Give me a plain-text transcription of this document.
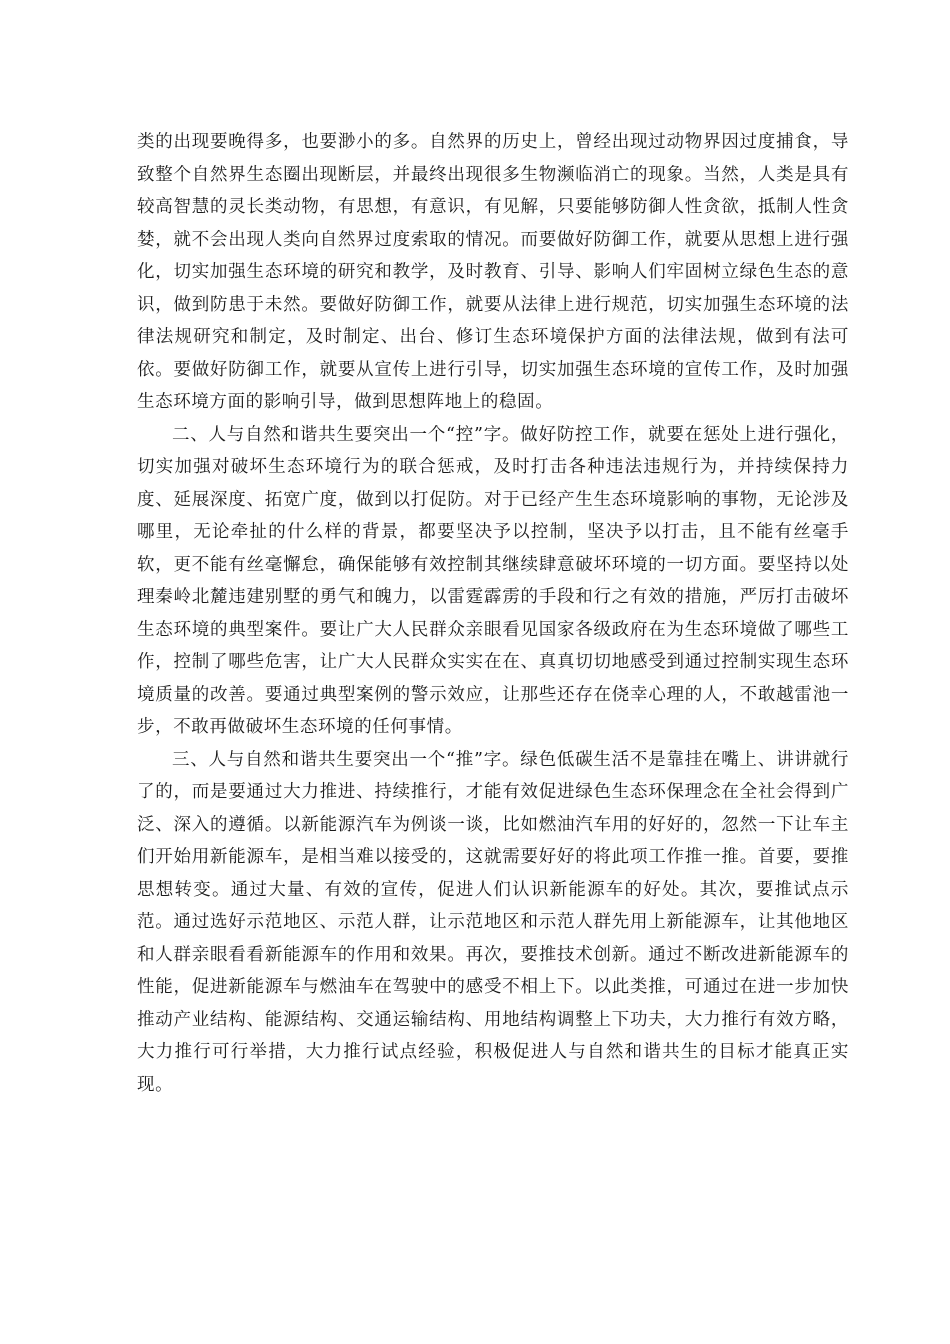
类的出现要晚得多，也要渺小的多。自然界的历史上，曾经出现过动物界因过度捕食，导致整个自然界生态圈出现断层，并最终出现很多生物濒临消亡的现象。当然，人类是具有较高智慧的灵长类动物，有思想，有意识，有见解，只要能够防御人性贪欲，抵制人性贪婪，就不会出现人类向自然界过度索取的情况。而要做好防御工作，就要从思想上进行强化，切实加强生态环境的研究和教学，及时教育、引导、影响人们牢固树立绿色生态的意识，做到防患于未然。要做好防御工作，就要从法律上进行规范，切实加强生态环境的法律法规研究和制定，及时制定、出台、修订生态环境保护方面的法律法规，做到有法可依。要做好防御工作，就要从宣传上进行引导，切实加强生态环境的宣传工作，及时加强生态环境方面的影响引导，做到思想阵地上的稳固。

二、人与自然和谐共生要突出一个“控”字。做好防控工作，就要在惩处上进行强化，切实加强对破坏生态环境行为的联合惩戒，及时打击各种违法违规行为，并持续保持力度、延展深度、拓宽广度，做到以打促防。对于已经产生生态环境影响的事物，无论涉及哪里，无论牵扯的什么样的背景，都要坚决予以控制，坚决予以打击，且不能有丝毫手软，更不能有丝毫懈怠，确保能够有效控制其继续肆意破坏环境的一切方面。要坚持以处理秦岭北麓违建别墅的勇气和魄力，以雷霆霹雳的手段和行之有效的措施，严厉打击破坏生态环境的典型案件。要让广大人民群众亲眼看见国家各级政府在为生态环境做了哪些工作，控制了哪些危害，让广大人民群众实实在在、真真切切地感受到通过控制实现生态环境质量的改善。要通过典型案例的警示效应，让那些还存在侥幸心理的人，不敢越雷池一步，不敢再做破坏生态环境的任何事情。

三、人与自然和谐共生要突出一个“推”字。绿色低碳生活不是靠挂在嘴上、讲讲就行了的，而是要通过大力推进、持续推行，才能有效促进绿色生态环保理念在全社会得到广泛、深入的遵循。以新能源汽车为例谈一谈，比如燃油汽车用的好好的，忽然一下让车主们开始用新能源车，是相当难以接受的，这就需要好好的将此项工作推一推。首要，要推思想转变。通过大量、有效的宣传，促进人们认识新能源车的好处。其次，要推试点示范。通过选好示范地区、示范人群，让示范地区和示范人群先用上新能源车，让其他地区和人群亲眼看看新能源车的作用和效果。再次，要推技术创新。通过不断改进新能源车的性能，促进新能源车与燃油车在驾驶中的感受不相上下。以此类推，可通过在进一步加快推动产业结构、能源结构、交通运输结构、用地结构调整上下功夫，大力推行有效方略，大力推行可行举措，大力推行试点经验，积极促进人与自然和谐共生的目标才能真正实现。
